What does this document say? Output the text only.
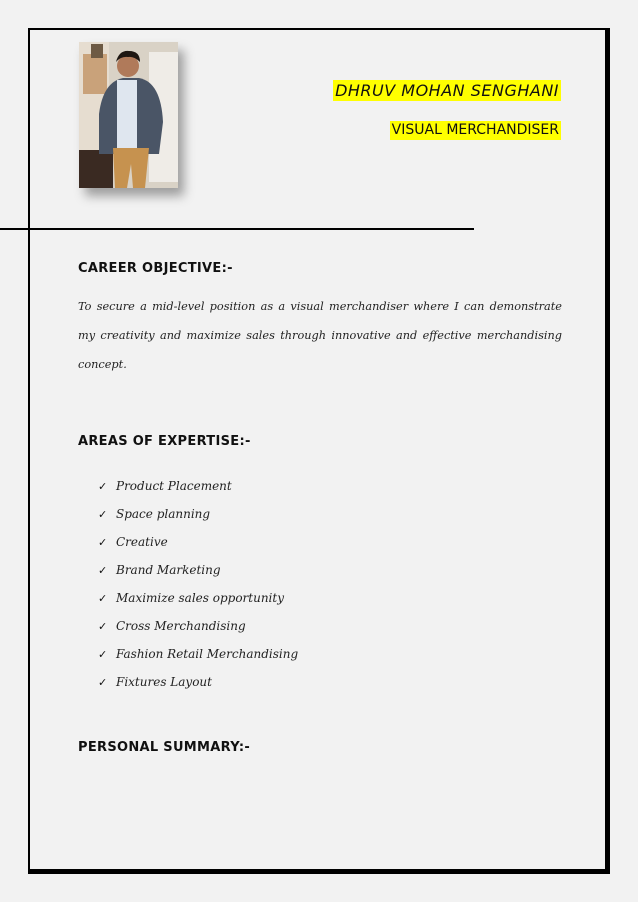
DHRUV MOHAN SENGHANI
VISUAL MERCHANDISER
CAREER OBJECTIVE:-
To secure a mid-level position as a visual merchandiser where I can demonstrate my creativity and maximize sales through innovative and effective merchandising concept.
AREAS OF EXPERTISE:-
✓ Product Placement
✓ Space planning
✓ Creative
✓ Brand Marketing
✓ Maximize sales opportunity
✓ Cross Merchandising
✓ Fashion Retail Merchandising
✓ Fixtures Layout
PERSONAL SUMMARY:-
